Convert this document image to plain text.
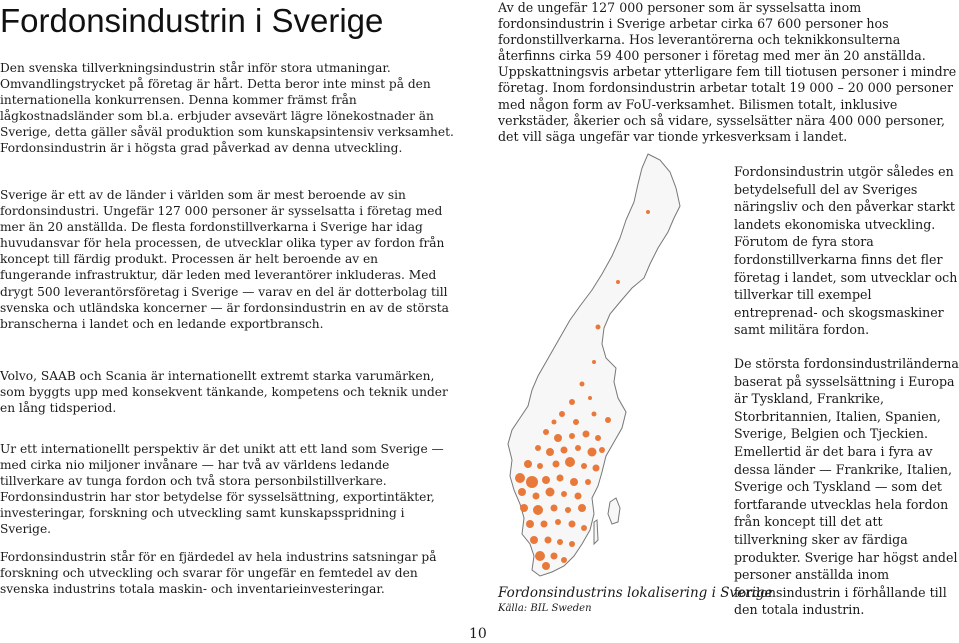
Fordonsindustrin i Sverige
Den svenska tillverkningsindustrin står inför stora utmaningar. Omvandlingstrycket på företag är hårt. Detta beror inte minst på den internationella konkurrensen. Denna kommer främst från lågkostnadsländer som bl.a. erbjuder avsevärt lägre lönekostnader än Sverige, detta gäller såväl produktion som kunskapsintensiv verksamhet. Fordonsindustrin är i högsta grad påverkad av denna utveckling.
Sverige är ett av de länder i världen som är mest beroende av sin fordonsindustri. Ungefär 127 000 personer är sysselsatta i företag med mer än 20 anställda. De flesta fordonstillverkarna i Sverige har idag huvudansvar för hela processen, de utvecklar olika typer av fordon från koncept till färdig produkt. Processen är helt beroende av en fungerande infrastruktur, där leden med leverantörer inkluderas. Med drygt 500 leverantörsföretag i Sverige — varav en del är dotterbolag till svenska och utländska koncerner — är fordonsindustrin en av de största branscherna i landet och en ledande exportbransch.
Volvo, SAAB och Scania är internationellt extremt starka varumärken, som byggts upp med konsekvent tänkande, kompetens och teknik under en lång tidsperiod.
Ur ett internationellt perspektiv är det unikt att ett land som Sverige — med cirka nio miljoner invånare — har två av världens ledande tillverkare av tunga fordon och två stora personbilstillverkare. Fordonsindustrin har stor betydelse för sysselsättning, exportintäkter, investeringar, forskning och utveckling samt kunskapsspridning i Sverige.
Fordonsindustrin står för en fjärdedel av hela industrins satsningar på forskning och utveckling och svarar för ungefär en femtedel av den svenska industrins totala maskin- och inventarieinvesteringar.
Av de ungefär 127 000 personer som är sysselsatta inom fordonsindustrin i Sverige arbetar cirka 67 600 personer hos fordonstillverkarna. Hos leverantörerna och teknikkonsulterna återfinns cirka 59 400 personer i företag med mer än 20 anställda. Uppskattningsvis arbetar ytterligare fem till tiotusen personer i mindre företag. Inom fordonsindustrin arbetar totalt 19 000 – 20 000 personer med någon form av FoU-verksamhet. Bilismen totalt, inklusive verkstäder, åkerier och så vidare, sysselsätter nära 400 000 personer, det vill säga ungefär var tionde yrkesverksam i landet.
Fordonsindustrin utgör således en betydelsefull del av Sveriges näringsliv och den påverkar starkt landets ekonomiska utveckling. Förutom de fyra stora fordonstillverkarna finns det fler företag i landet, som utvecklar och tillverkar till exempel entreprenad- och skogsmaskiner samt militära fordon.
De största fordonsindustriländerna baserat på sysselsättning i Europa är Tyskland, Frankrike, Storbritannien, Italien, Spanien, Sverige, Belgien och Tjeckien. Emellertid är det bara i fyra av dessa länder — Frankrike, Italien, Sverige och Tyskland — som det fortfarande utvecklas hela fordon från koncept till det att tillverkning sker av färdiga produkter. Sverige har högst andel personer anställda inom fordonsindustrin i förhållande till den totala industrin.
Fordonsindustrins lokalisering i Sverige
Källa: BIL Sweden
10
